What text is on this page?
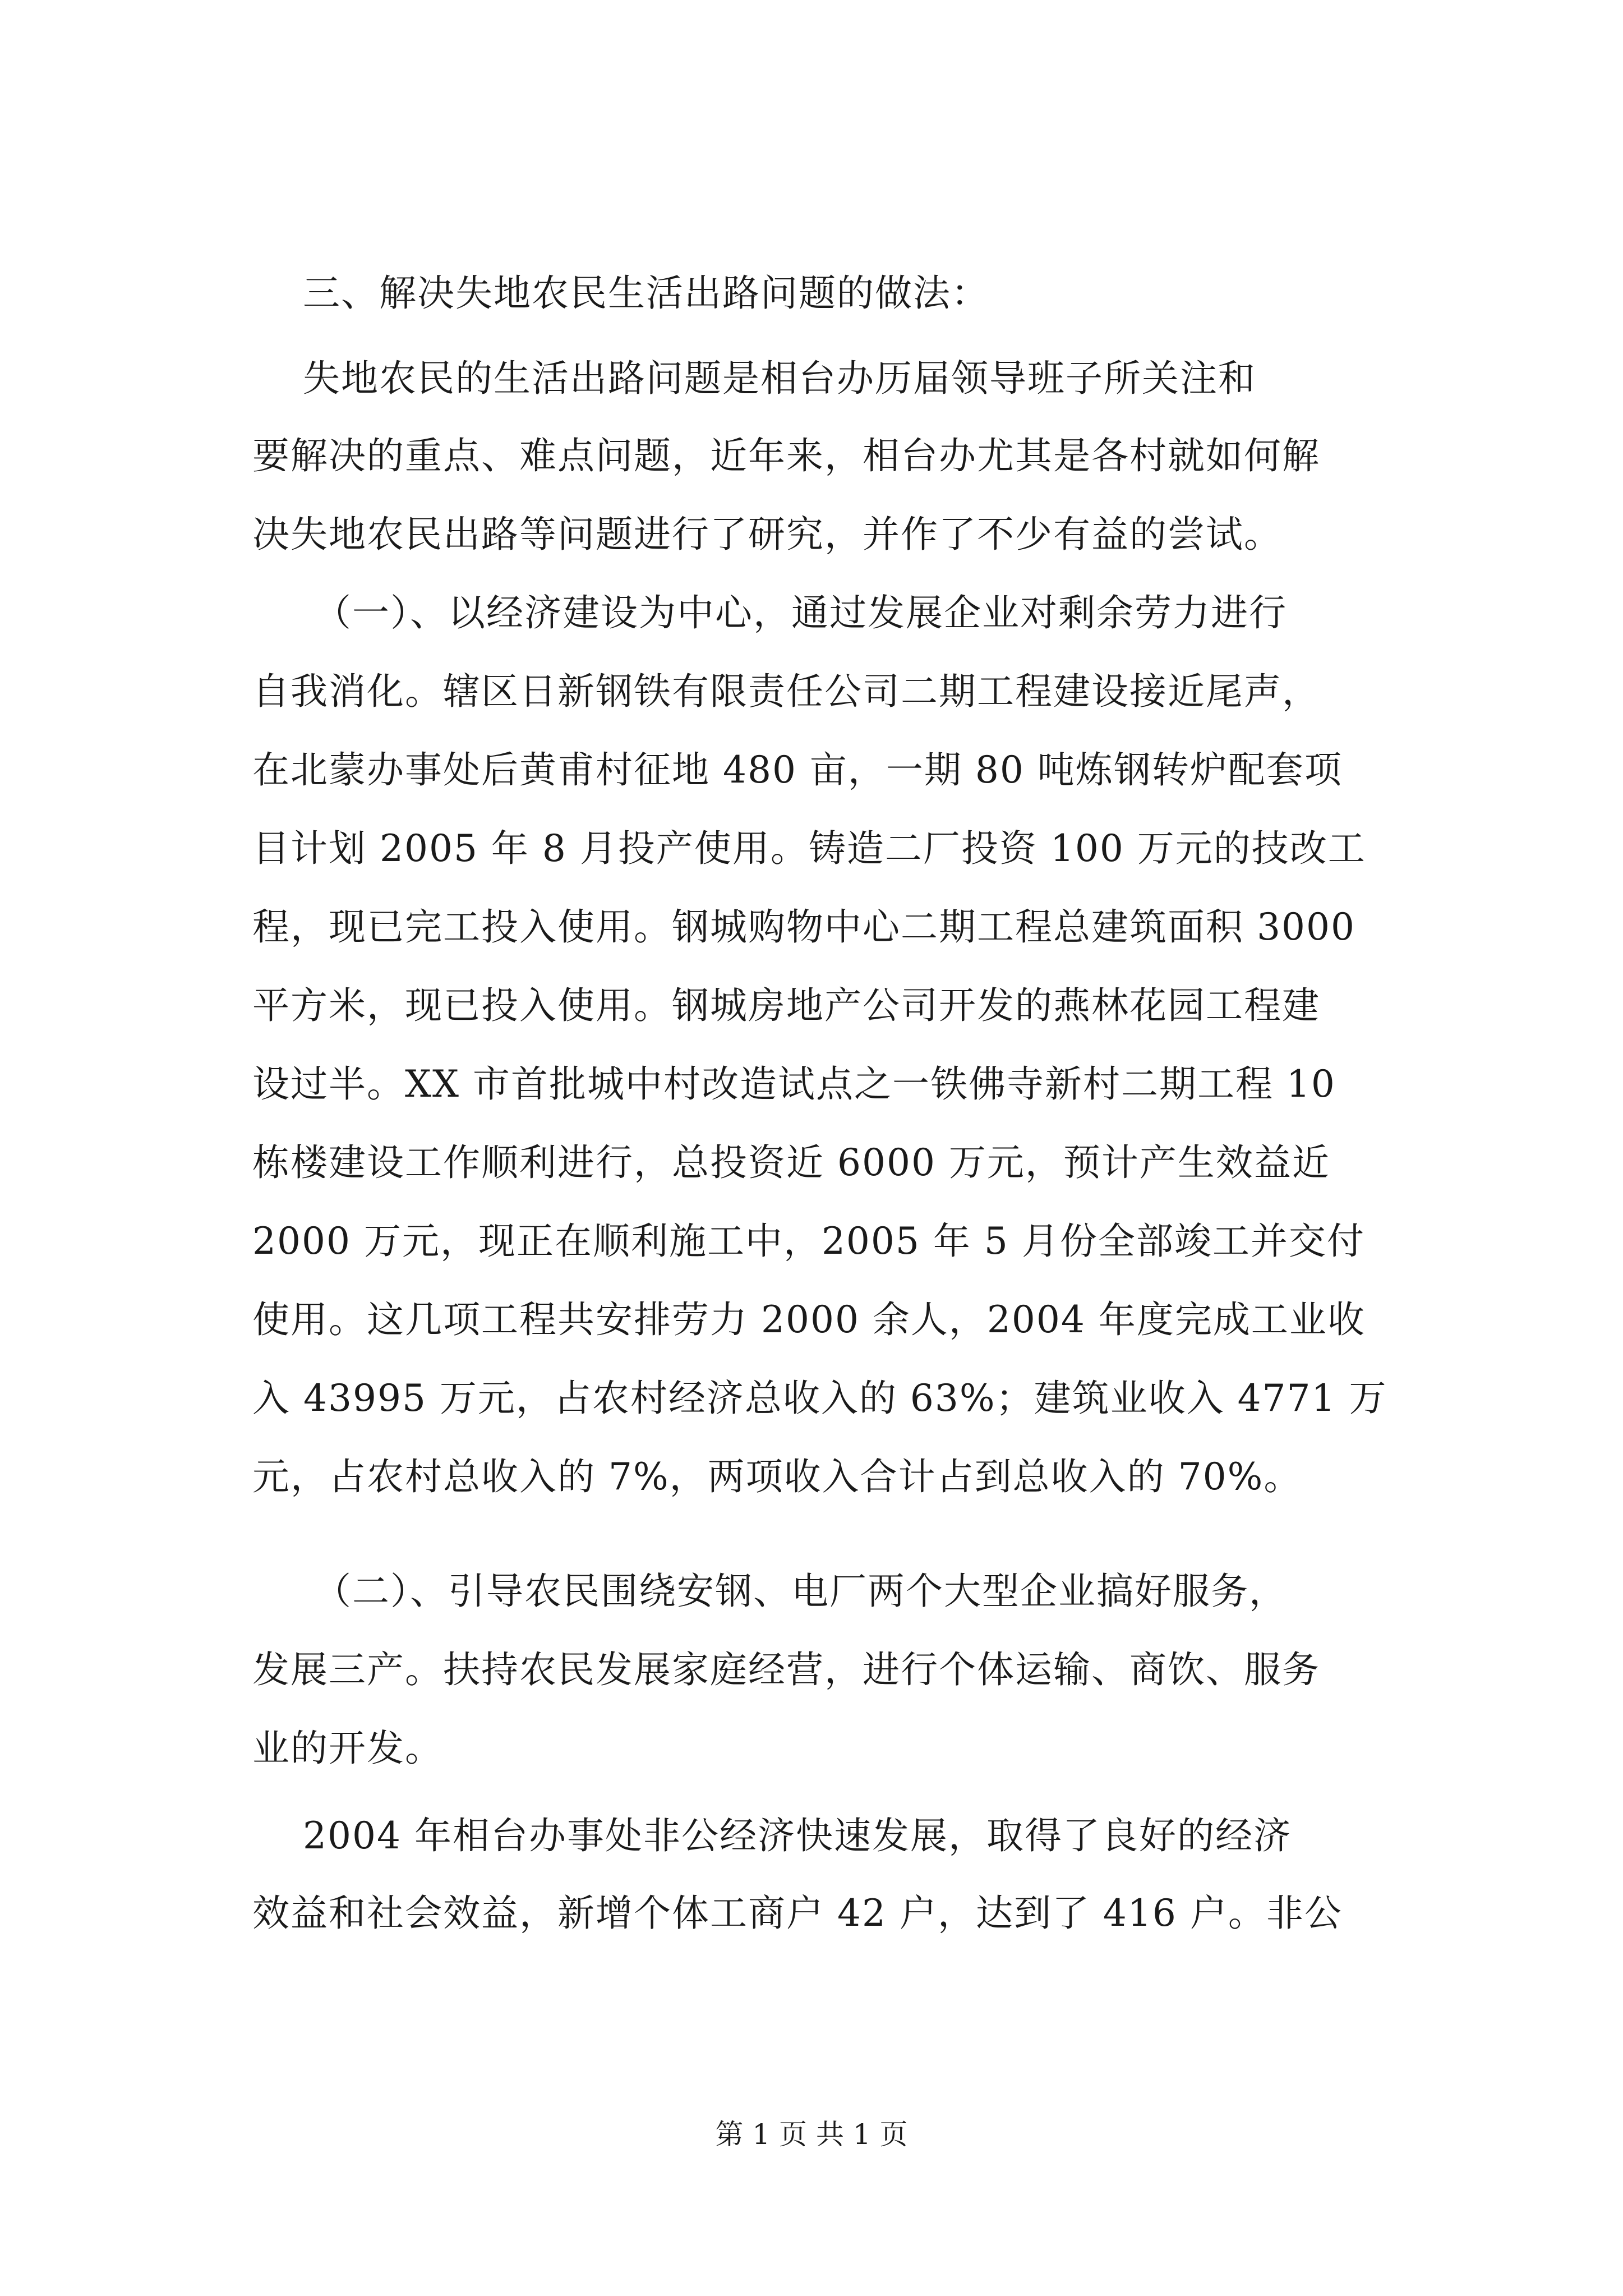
三、解决失地农民生活出路问题的做法：
失地农民的生活出路问题是相台办历届领导班子所关注和
要解决的重点、难点问题，近年来，相台办尤其是各村就如何解
决失地农民出路等问题进行了研究，并作了不少有益的尝试。
（一）、以经济建设为中心，通过发展企业对剩余劳力进行
自我消化。辖区日新钢铁有限责任公司二期工程建设接近尾声，
在北蒙办事处后黄甫村征地 480 亩，一期 80 吨炼钢转炉配套项
目计划 2005 年 8 月投产使用。铸造二厂投资 100 万元的技改工
程，现已完工投入使用。钢城购物中心二期工程总建筑面积 3000
平方米，现已投入使用。钢城房地产公司开发的燕林花园工程建
设过半。XX 市首批城中村改造试点之一铁佛寺新村二期工程 10
栋楼建设工作顺利进行，总投资近 6000 万元，预计产生效益近
2000 万元，现正在顺利施工中，2005 年 5 月份全部竣工并交付
使用。这几项工程共安排劳力 2000 余人，2004 年度完成工业收
入 43995 万元，占农村经济总收入的 63%；建筑业收入 4771 万
元，占农村总收入的 7%，两项收入合计占到总收入的 70%。
（二）、引导农民围绕安钢、电厂两个大型企业搞好服务，
发展三产。扶持农民发展家庭经营，进行个体运输、商饮、服务
业的开发。
2004 年相台办事处非公经济快速发展，取得了良好的经济
效益和社会效益，新增个体工商户 42 户，达到了 416 户。非公
第 1 页 共 1 页
